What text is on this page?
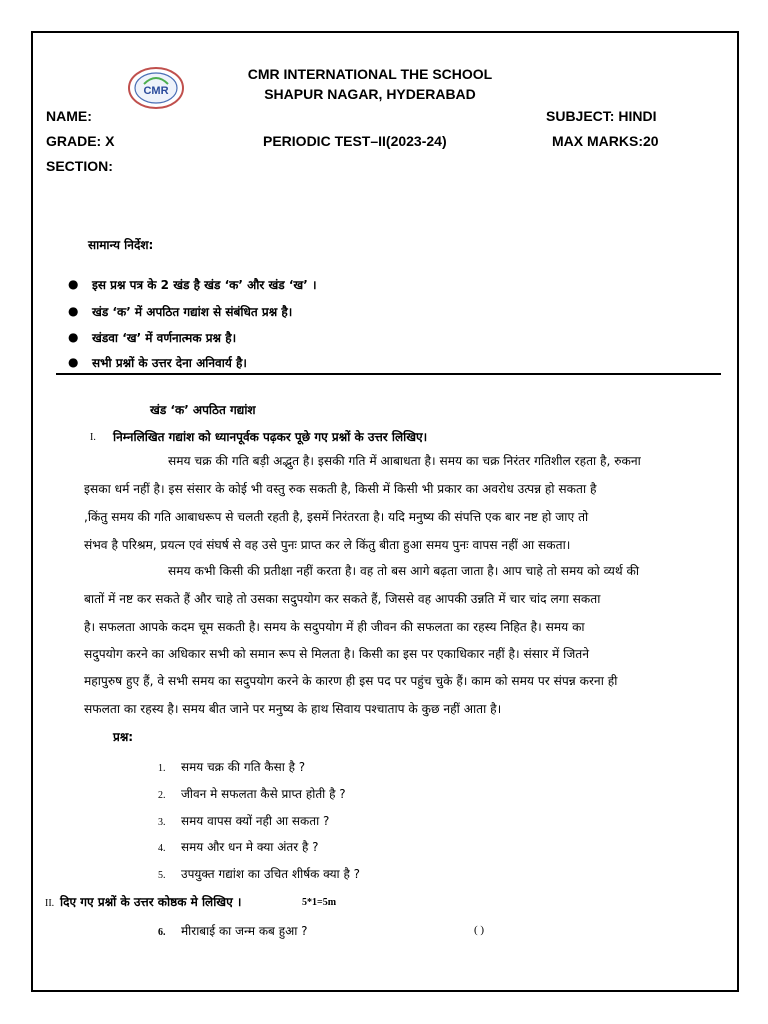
CMR
CMR INTERNATIONAL THE SCHOOL
SHAPUR NAGAR, HYDERABAD
NAME:
GRADE: X
SECTION:
PERIODIC TEST–II(2023-24)
SUBJECT: HINDI
MAX MARKS:20
सामान्य निर्देश:
● इस प्रश्न पत्र के 2 खंड है खंड ‘क’ और खंड ‘ख’ ।
● खंड ‘क’ में अपठित गद्यांश से संबंधित प्रश्न है।
● खंडवा ‘ख’ में वर्णनात्मक प्रश्न है।
● सभी प्रश्नों के उत्तर देना अनिवार्य है।
खंड ‘क’ अपठित गद्यांश
I. निम्नलिखित गद्यांश को ध्यानपूर्वक पढ़कर पूछे गए प्रश्नों के उत्तर लिखिए।
समय चक्र की गति बड़ी अद्भुत है। इसकी गति में आबाधता है। समय का चक्र निरंतर गतिशील रहता है, रुकना
इसका धर्म नहीं है। इस संसार के कोई भी वस्तु रुक सकती है, किसी में किसी भी प्रकार का अवरोध उत्पन्न हो सकता है
,किंतु समय की गति आबाधरूप से चलती रहती है, इसमें निरंतरता है। यदि मनुष्य की संपत्ति एक बार नष्ट हो जाए तो
संभव है परिश्रम, प्रयत्न एवं संघर्ष से वह उसे पुनः प्राप्त कर ले किंतु बीता हुआ समय पुनः वापस नहीं आ सकता।
समय कभी किसी की प्रतीक्षा नहीं करता है। वह तो बस आगे बढ़ता जाता है। आप चाहे तो समय को व्यर्थ की
बातों में नष्ट कर सकते हैं और चाहे तो उसका सदुपयोग कर सकते हैं, जिससे वह आपकी उन्नति में चार चांद लगा सकता
है। सफलता आपके कदम चूम सकती है। समय के सदुपयोग में ही जीवन की सफलता का रहस्य निहित है। समय का
सदुपयोग करने का अधिकार सभी को समान रूप से मिलता है। किसी का इस पर एकाधिकार नहीं है। संसार में जितने
महापुरुष हुए हैं, वे सभी समय का सदुपयोग करने के कारण ही इस पद पर पहुंच चुके हैं। काम को समय पर संपन्न करना ही
सफलता का रहस्य है। समय बीत जाने पर मनुष्य के हाथ सिवाय पश्चाताप के कुछ नहीं आता है।
प्रश्न:
1. समय चक्र की गति कैसा है ?
2. जीवन मे सफलता कैसे प्राप्त होती है ?
3. समय वापस क्यों नही आ सकता ?
4. समय और धन मे क्या अंतर है ?
5. उपयुक्त गद्यांश का उचित शीर्षक क्या है ?
II. दिए गए प्रश्नों के उत्तर कोष्ठक मे लिखिए ।	5*1=5m
6. मीराबाई का जन्म कब हुआ ?	( )
